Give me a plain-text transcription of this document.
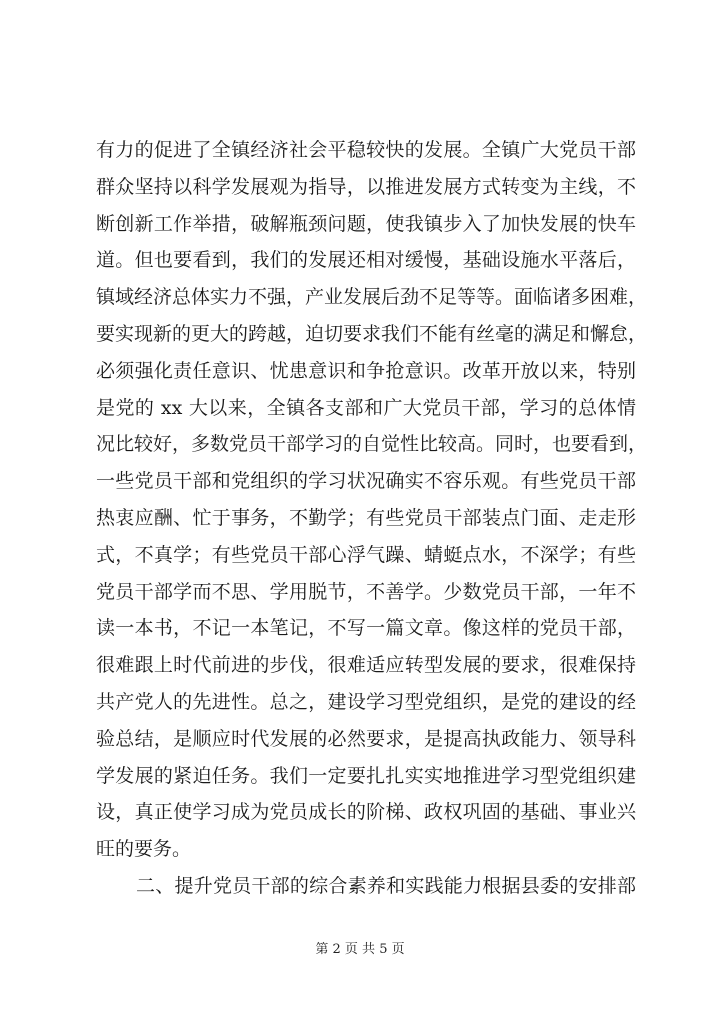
有力的促进了全镇经济社会平稳较快的发展。全镇广大党员干部
群众坚持以科学发展观为指导，以推进发展方式转变为主线，不
断创新工作举措，破解瓶颈问题，使我镇步入了加快发展的快车
道。但也要看到，我们的发展还相对缓慢，基础设施水平落后，
镇域经济总体实力不强，产业发展后劲不足等等。面临诸多困难，
要实现新的更大的跨越，迫切要求我们不能有丝毫的满足和懈怠，
必须强化责任意识、忧患意识和争抢意识。改革开放以来，特别
是党的 xx 大以来，全镇各支部和广大党员干部，学习的总体情
况比较好，多数党员干部学习的自觉性比较高。同时，也要看到，
一些党员干部和党组织的学习状况确实不容乐观。有些党员干部
热衷应酬、忙于事务，不勤学；有些党员干部装点门面、走走形
式，不真学；有些党员干部心浮气躁、蜻蜓点水，不深学；有些
党员干部学而不思、学用脱节，不善学。少数党员干部，一年不
读一本书，不记一本笔记，不写一篇文章。像这样的党员干部，
很难跟上时代前进的步伐，很难适应转型发展的要求，很难保持
共产党人的先进性。总之，建设学习型党组织，是党的建设的经
验总结，是顺应时代发展的必然要求，是提高执政能力、领导科
学发展的紧迫任务。我们一定要扎扎实实地推进学习型党组织建
设，真正使学习成为党员成长的阶梯、政权巩固的基础、事业兴
旺的要务。
二、提升党员干部的综合素养和实践能力根据县委的安排部
第 2 页 共 5 页
